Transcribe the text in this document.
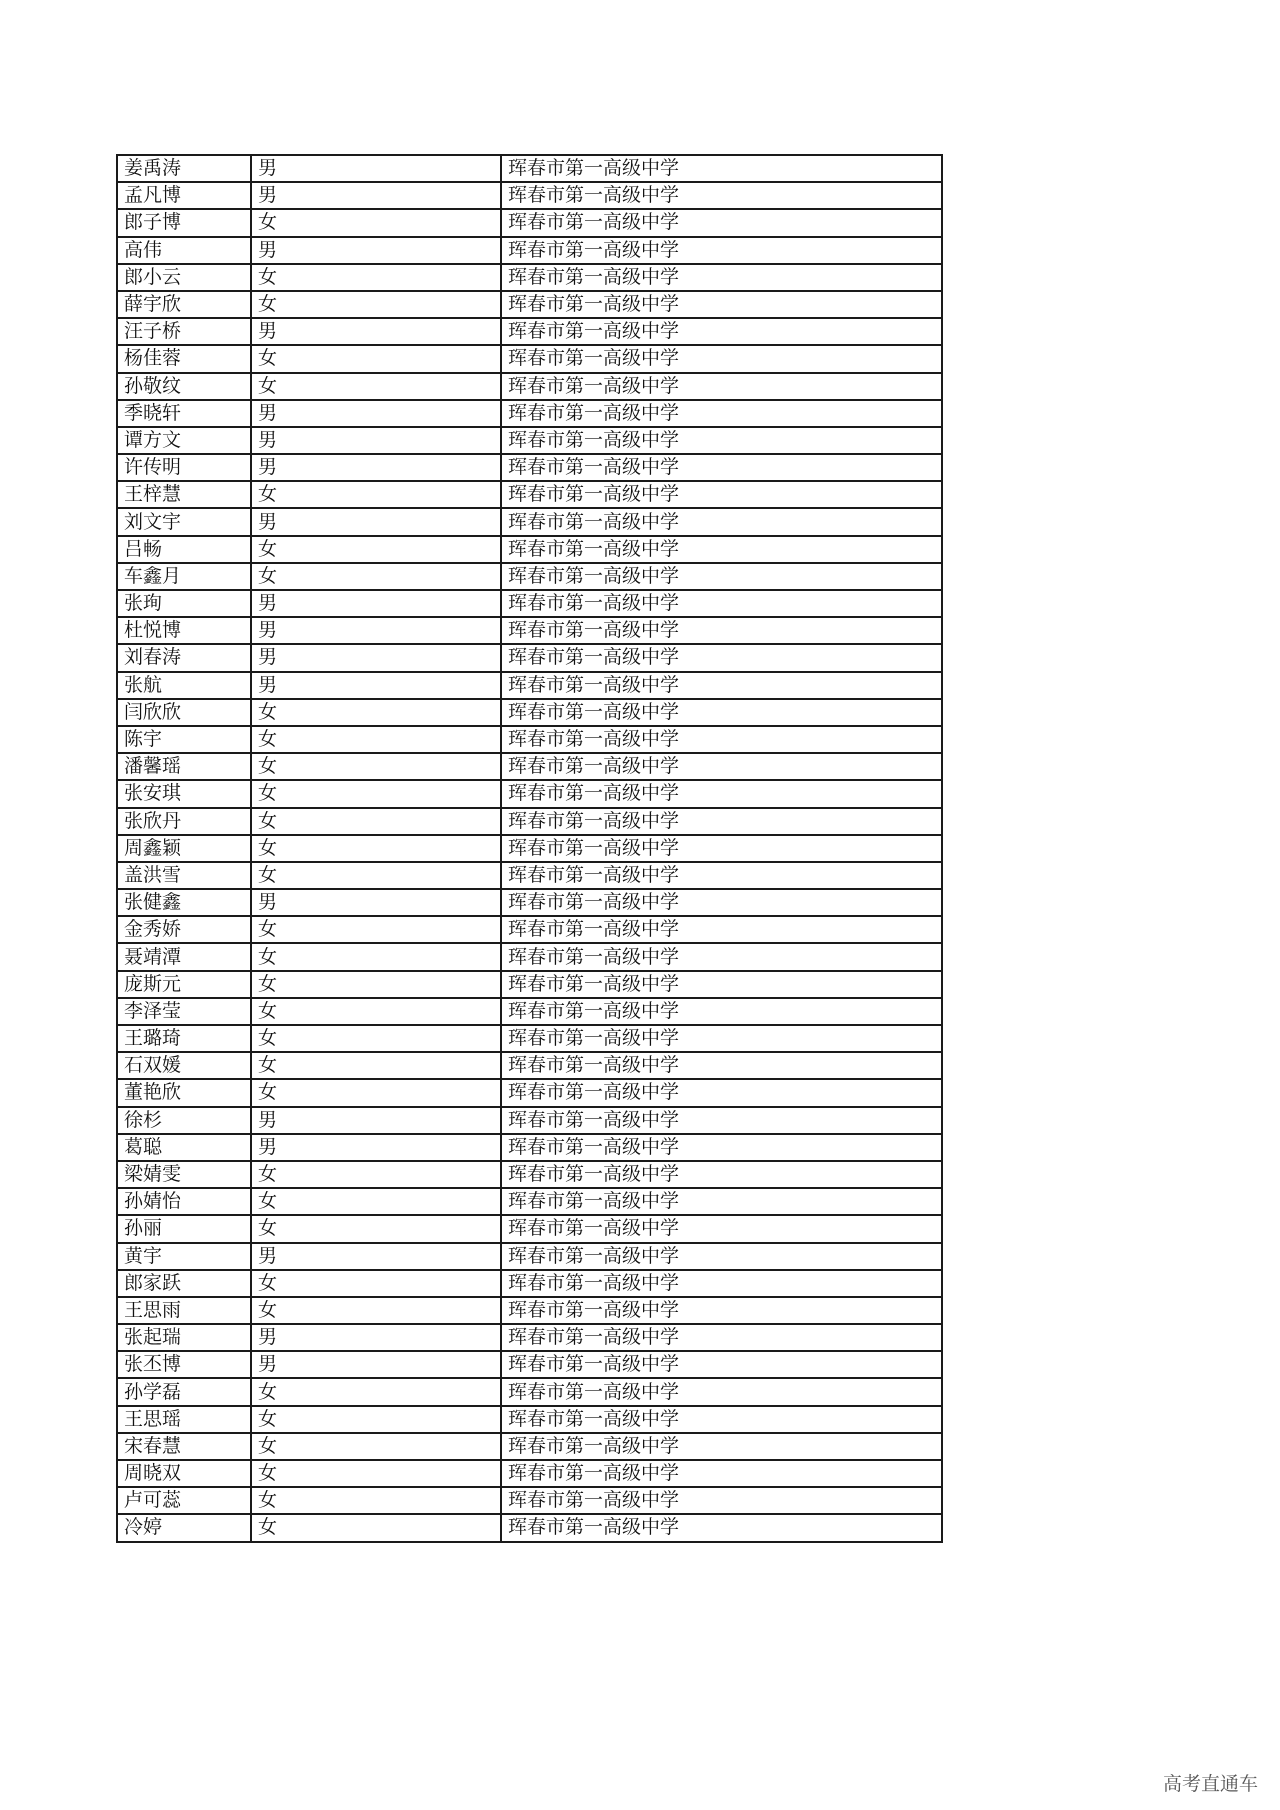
姜禹涛	男	珲春市第一高级中学
孟凡博	男	珲春市第一高级中学
郎子博	女	珲春市第一高级中学
高伟	男	珲春市第一高级中学
郎小云	女	珲春市第一高级中学
薛宇欣	女	珲春市第一高级中学
汪子桥	男	珲春市第一高级中学
杨佳蓉	女	珲春市第一高级中学
孙敬纹	女	珲春市第一高级中学
季晓轩	男	珲春市第一高级中学
谭方文	男	珲春市第一高级中学
许传明	男	珲春市第一高级中学
王梓慧	女	珲春市第一高级中学
刘文宇	男	珲春市第一高级中学
吕畅	女	珲春市第一高级中学
车鑫月	女	珲春市第一高级中学
张珣	男	珲春市第一高级中学
杜悦博	男	珲春市第一高级中学
刘春涛	男	珲春市第一高级中学
张航	男	珲春市第一高级中学
闫欣欣	女	珲春市第一高级中学
陈宇	女	珲春市第一高级中学
潘馨瑶	女	珲春市第一高级中学
张安琪	女	珲春市第一高级中学
张欣丹	女	珲春市第一高级中学
周鑫颖	女	珲春市第一高级中学
盖洪雪	女	珲春市第一高级中学
张健鑫	男	珲春市第一高级中学
金秀娇	女	珲春市第一高级中学
聂靖潭	女	珲春市第一高级中学
庞斯元	女	珲春市第一高级中学
李泽莹	女	珲春市第一高级中学
王璐琦	女	珲春市第一高级中学
石双媛	女	珲春市第一高级中学
董艳欣	女	珲春市第一高级中学
徐杉	男	珲春市第一高级中学
葛聪	男	珲春市第一高级中学
梁婧雯	女	珲春市第一高级中学
孙婧怡	女	珲春市第一高级中学
孙丽	女	珲春市第一高级中学
黄宇	男	珲春市第一高级中学
郎家跃	女	珲春市第一高级中学
王思雨	女	珲春市第一高级中学
张起瑞	男	珲春市第一高级中学
张丕博	男	珲春市第一高级中学
孙学磊	女	珲春市第一高级中学
王思瑶	女	珲春市第一高级中学
宋春慧	女	珲春市第一高级中学
周晓双	女	珲春市第一高级中学
卢可蕊	女	珲春市第一高级中学
冷婷	女	珲春市第一高级中学
高考直通车
